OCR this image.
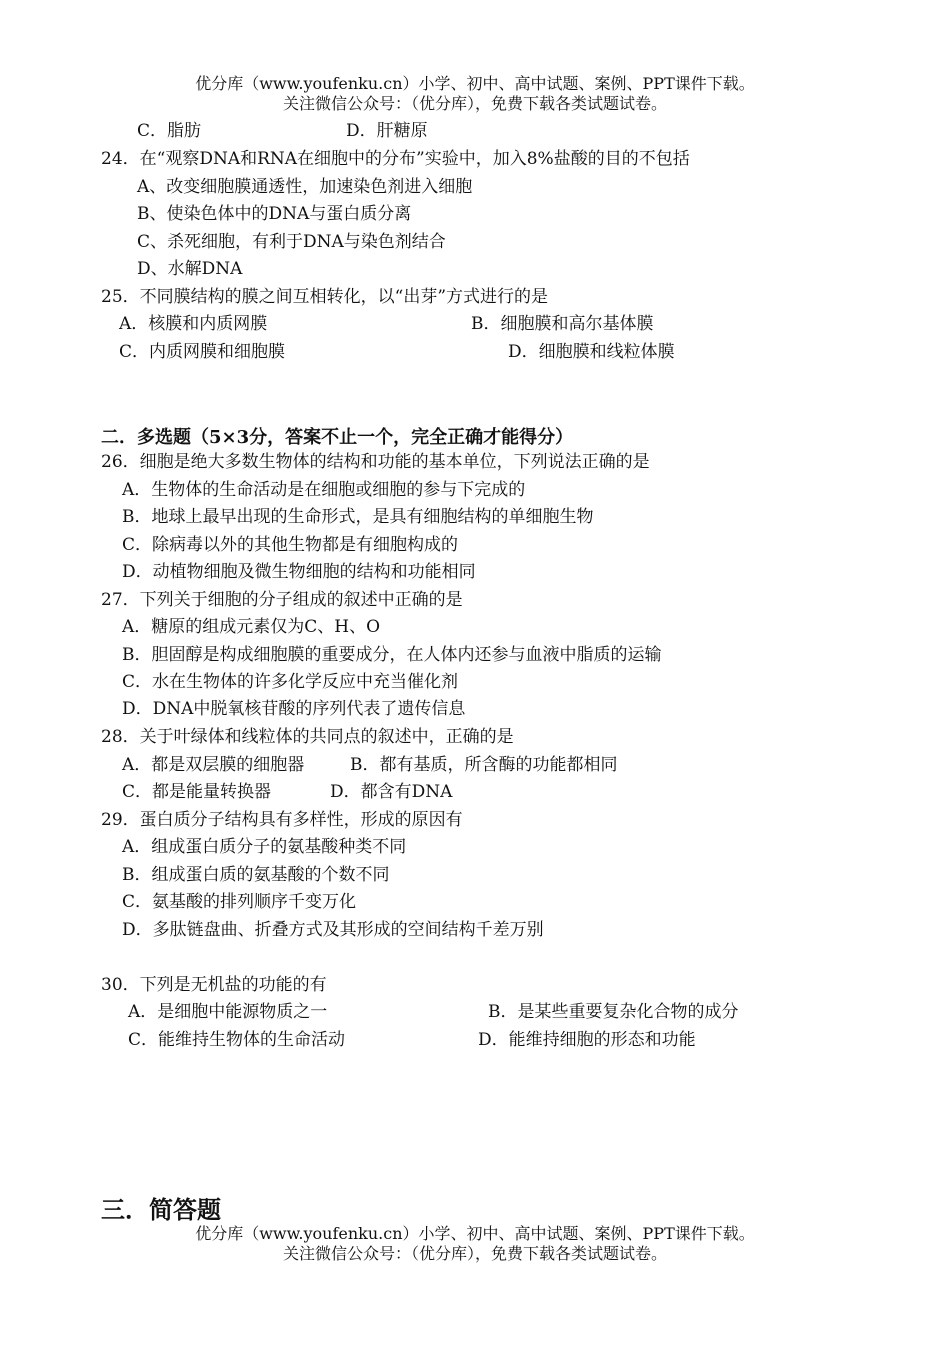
优分库（www.youfenku.cn）小学、初中、高中试题、案例、PPT课件下载。
关注微信公众号：（优分库），免费下载各类试题试卷。
C．脂肪	D．肝糖原
24．在“观察DNA和RNA在细胞中的分布”实验中，加入8%盐酸的目的不包括
A、改变细胞膜通透性，加速染色剂进入细胞
B、使染色体中的DNA与蛋白质分离
C、杀死细胞，有利于DNA与染色剂结合
D、水解DNA
25．不同膜结构的膜之间互相转化，以“出芽”方式进行的是
A．核膜和内质网膜	B．细胞膜和高尔基体膜
C．内质网膜和细胞膜	D．细胞膜和线粒体膜
二．多选题（5×3分，答案不止一个，完全正确才能得分）
26．细胞是绝大多数生物体的结构和功能的基本单位，下列说法正确的是
A．生物体的生命活动是在细胞或细胞的参与下完成的
B．地球上最早出现的生命形式，是具有细胞结构的单细胞生物
C．除病毒以外的其他生物都是有细胞构成的
D．动植物细胞及微生物细胞的结构和功能相同
27．下列关于细胞的分子组成的叙述中正确的是
A．糖原的组成元素仅为C、H、O
B．胆固醇是构成细胞膜的重要成分，在人体内还参与血液中脂质的运输
C．水在生物体的许多化学反应中充当催化剂
D．DNA中脱氧核苷酸的序列代表了遗传信息
28．关于叶绿体和线粒体的共同点的叙述中，正确的是
A．都是双层膜的细胞器	B．都有基质，所含酶的功能都相同
C．都是能量转换器	D．都含有DNA
29．蛋白质分子结构具有多样性，形成的原因有
A．组成蛋白质分子的氨基酸种类不同
B．组成蛋白质的氨基酸的个数不同
C．氨基酸的排列顺序千变万化
D．多肽链盘曲、折叠方式及其形成的空间结构千差万别
30．下列是无机盐的功能的有
A．是细胞中能源物质之一	B．是某些重要复杂化合物的成分
C．能维持生物体的生命活动	D．能维持细胞的形态和功能
三．简答题
优分库（www.youfenku.cn）小学、初中、高中试题、案例、PPT课件下载。
关注微信公众号：（优分库），免费下载各类试题试卷。
